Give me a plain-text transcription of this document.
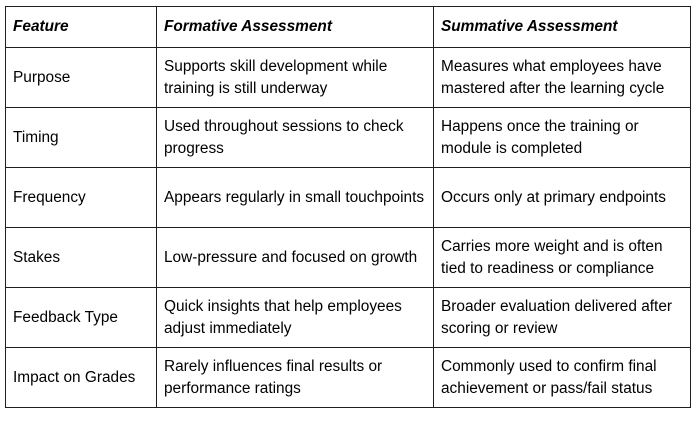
Feature	Formative Assessment	Summative Assessment
Purpose	Supports skill development while training is still underway	Measures what employees have mastered after the learning cycle
Timing	Used throughout sessions to check progress	Happens once the training or module is completed
Frequency	Appears regularly in small touchpoints	Occurs only at primary endpoints
Stakes	Low-pressure and focused on growth	Carries more weight and is often tied to readiness or compliance
Feedback Type	Quick insights that help employees adjust immediately	Broader evaluation delivered after scoring or review
Impact on Grades	Rarely influences final results or performance ratings	Commonly used to confirm final achievement or pass/fail status
